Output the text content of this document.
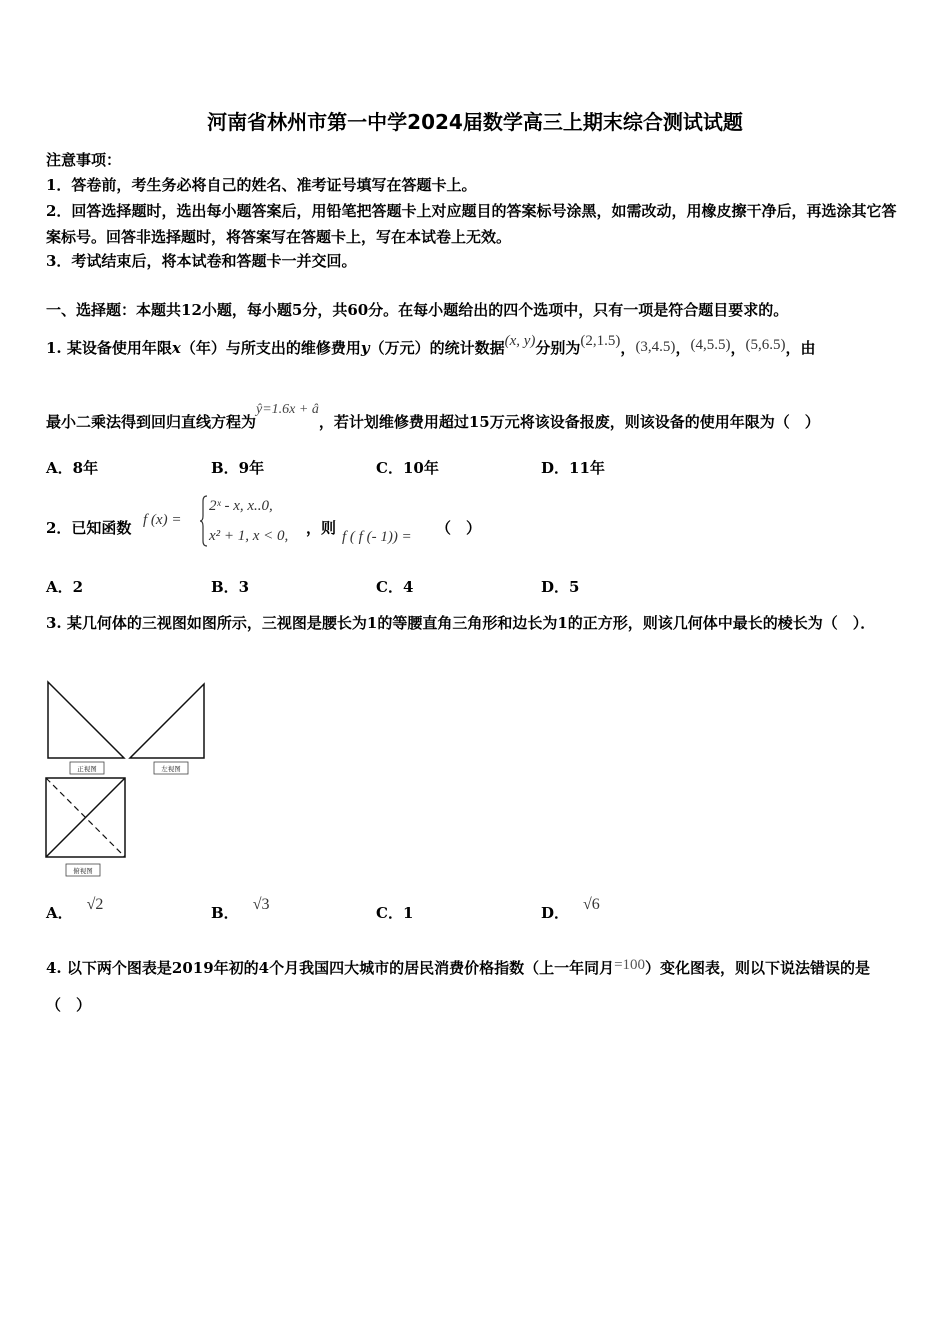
河南省林州市第一中学2024届数学高三上期末综合测试试题
注意事项：
1．答卷前，考生务必将自己的姓名、准考证号填写在答题卡上。
2．回答选择题时，选出每小题答案后，用铅笔把答题卡上对应题目的答案标号涂黑，如需改动，用橡皮擦干净后，再选涂其它答案标号。回答非选择题时，将答案写在答题卡上，写在本试卷上无效。
3．考试结束后，将本试卷和答题卡一并交回。
一、选择题：本题共12小题，每小题5分，共60分。在每小题给出的四个选项中，只有一项是符合题目要求的。
1. 某设备使用年限x（年）与所支出的维修费用y（万元）的统计数据(x, y)分别为(2,1.5)，(3,4.5)，(4,5.5)，(5,6.5)，由
最小二乘法得到回归直线方程为ŷ=1.6x + â，若计划维修费用超过15万元将该设备报废，则该设备的使用年限为（　）
A．8年	B．9年	C．10年	D．11年
2．已知函数 f (x) =
2ˣ - x, x..0,
x² + 1, x < 0, ，则 f ( f (- 1)) = （　）
A．2	B．3	C．4	D．5
3. 某几何体的三视图如图所示，三视图是腰长为1的等腰直角三角形和边长为1的正方形，则该几何体中最长的棱长为（　）．
正视图	左视图
俯视图
A． √2	B． √3	C．1	D． √6
4. 以下两个图表是2019年初的4个月我国四大城市的居民消费价格指数（上一年同月=100）变化图表，则以下说法错误的是（　）
